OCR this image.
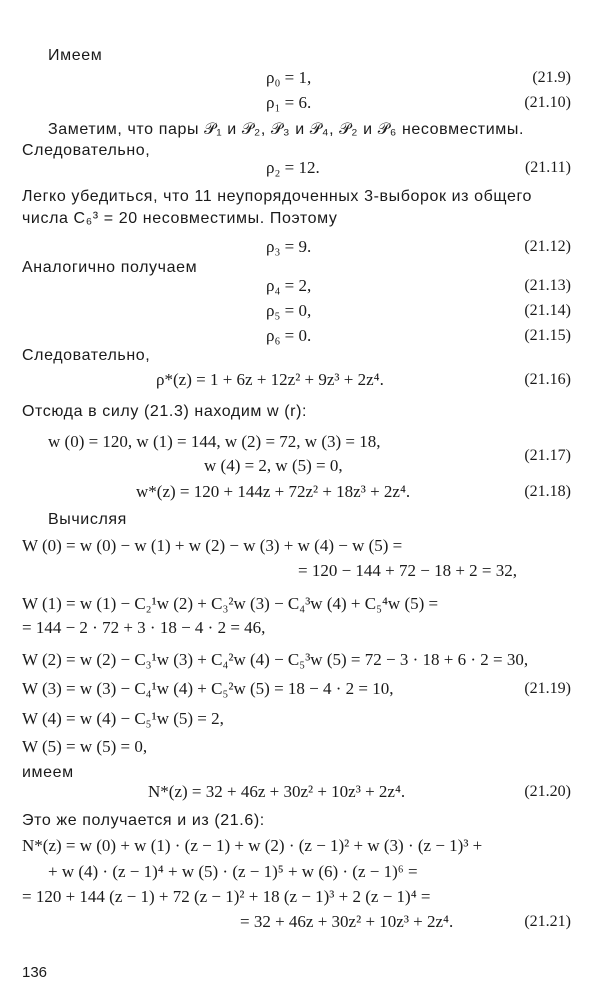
Имеем
ρ₀ = 1,	(21.9)
ρ₁ = 6.	(21.10)
Заметим, что пары 𝒫₁ и 𝒫₂, 𝒫₃ и 𝒫₄, 𝒫₂ и 𝒫₆ несовместимы.
Следовательно,
ρ₂ = 12.	(21.11)
Легко убедиться, что 11 неупорядоченных 3-выборок из общего
числа C₆³ = 20 несовместимы. Поэтому
ρ₃ = 9.	(21.12)
Аналогично получаем
ρ₄ = 2,	(21.13)
ρ₅ = 0,	(21.14)
ρ₆ = 0.	(21.15)
Следовательно,
ρ*(z) = 1 + 6z + 12z² + 9z³ + 2z⁴.	(21.16)
Отсюда в силу (21.3) находим w (r):
w (0) = 120, w (1) = 144, w (2) = 72, w (3) = 18,
(21.17)
w (4) = 2, w (5) = 0,
w*(z) = 120 + 144z + 72z² + 18z³ + 2z⁴.	(21.18)
Вычисляя
W (0) = w (0) − w (1) + w (2) − w (3) + w (4) − w (5) =
= 120 − 144 + 72 − 18 + 2 = 32,
W (1) = w (1) − C₂¹w (2) + C₃²w (3) − C₄³w (4) + C₅⁴w (5) =
= 144 − 2 · 72 + 3 · 18 − 4 · 2 = 46,
W (2) = w (2) − C₃¹w (3) + C₄²w (4) − C₅³w (5) = 72 − 3 · 18 + 6 · 2 = 30,
W (3) = w (3) − C₄¹w (4) + C₅²w (5) = 18 − 4 · 2 = 10,	(21.19)
W (4) = w (4) − C₅¹w (5) = 2,
W (5) = w (5) = 0,
имеем
N*(z) = 32 + 46z + 30z² + 10z³ + 2z⁴.	(21.20)
Это же получается и из (21.6):
N*(z) = w (0) + w (1) · (z − 1) + w (2) · (z − 1)² + w (3) · (z − 1)³ +
+ w (4) · (z − 1)⁴ + w (5) · (z − 1)⁵ + w (6) · (z − 1)⁶ =
= 120 + 144 (z − 1) + 72 (z − 1)² + 18 (z − 1)³ + 2 (z − 1)⁴ =
= 32 + 46z + 30z² + 10z³ + 2z⁴.	(21.21)
136
